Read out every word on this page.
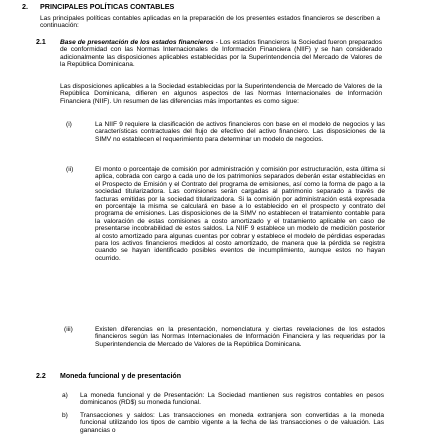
2. PRINCIPALES POLÍTICAS CONTABLES

Las principales políticas contables aplicadas en la preparación de los presentes estados financieros se describen a continuación:

2.1 Base de presentación de los estados financieros - Los estados financieros la Sociedad fueron preparados de conformidad con las Normas Internacionales de Información Financiera (NIIF) y se han considerado adicionalmente las disposiciones aplicables establecidas por la Superintendencia del Mercado de Valores de la República Dominicana.

Las disposiciones aplicables a la Sociedad establecidas por la Superintendencia de Mercado de Valores de la República Dominicana, difieren en algunos aspectos de las Normas Internacionales de Información Financiera (NIIF). Un resumen de las diferencias más importantes es como sigue:

(i)	La NIIF 9 requiere la clasificación de activos financieros con base en el modelo de negocios y las características contractuales del flujo de efectivo del activo financiero. Las disposiciones de la SIMV no establecen el requerimiento para determinar un modelo de negocios.

(ii)	El monto o porcentaje de comisión por administración y comisión por estructuración, esta última si aplica, cobrada con cargo a cada uno de los patrimonios separados deberán estar establecidas en el Prospecto de Emisión y el Contrato del programa de emisiones, así como la forma de pago a la sociedad titularizadora. Las comisiones serán cargadas al patrimonio separado a través de facturas emitidas por la sociedad titularizadora. Si la comisión por administración está expresada en porcentaje la misma se calculará en base a lo establecido en el prospecto y contrato del programa de emisiones. Las disposiciones de la SIMV no establecen el tratamiento contable para la valoración de estas comisiones a costo amortizado y el tratamiento aplicable en caso de presentarse incobrabilidad de estos saldos. La NIIF 9 establece un modelo de medición posterior al costo amortizado para algunas cuentas por cobrar y establece el modelo de pérdidas esperadas para los activos financieros medidos al costo amortizado, de manera que la pérdida se registra cuando se hayan identificado posibles eventos de incumplimiento, aunque estos no hayan ocurrido.

(iii)	Existen diferencias en la presentación, nomenclatura y ciertas revelaciones de los estados financieros según las Normas Internacionales de Información Financiera y las requeridas por la Superintendencia de Mercado de Valores de la República Dominicana.

2.2 Moneda funcional y de presentación
a) La moneda funcional y de Presentación: La Sociedad mantienen sus registros contables en pesos dominicanos (RD$) su moneda funcional.

b) Transacciones y saldos: Las transacciones en moneda extranjera son convertidas a la moneda funcional utilizando los tipos de cambio vigente a la fecha de las transacciones o de valuación. Las ganancias o
